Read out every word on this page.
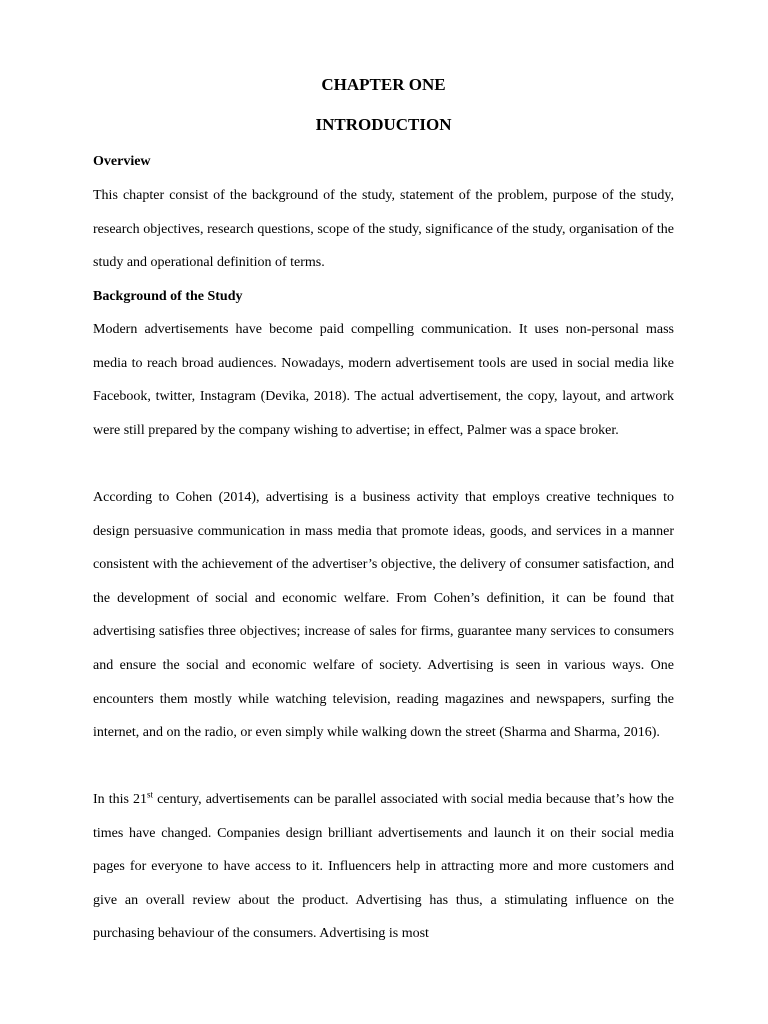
CHAPTER ONE
INTRODUCTION
Overview

This chapter consist of the background of the study, statement of the problem, purpose of the study, research objectives, research questions, scope of the study, significance of the study, organisation of the study and operational definition of terms.

Background of the Study

Modern advertisements have become paid compelling communication. It uses non-personal mass media to reach broad audiences. Nowadays, modern advertisement tools are used in social media like Facebook, twitter, Instagram (Devika, 2018). The actual advertisement, the copy, layout, and artwork were still prepared by the company wishing to advertise; in effect, Palmer was a space broker.

According to Cohen (2014), advertising is a business activity that employs creative techniques to design persuasive communication in mass media that promote ideas, goods, and services in a manner consistent with the achievement of the advertiser’s objective, the delivery of consumer satisfaction, and the development of social and economic welfare. From Cohen’s definition, it can be found that advertising satisfies three objectives; increase of sales for firms, guarantee many services to consumers and ensure the social and economic welfare of society. Advertising is seen in various ways. One encounters them mostly while watching television, reading magazines and newspapers, surfing the internet, and on the radio, or even simply while walking down the street (Sharma and Sharma, 2016).

In this 21st century, advertisements can be parallel associated with social media because that’s how the times have changed. Companies design brilliant advertisements and launch it on their social media pages for everyone to have access to it. Influencers help in attracting more and more customers and give an overall review about the product. Advertising has thus, a stimulating influence on the purchasing behaviour of the consumers. Advertising is most
